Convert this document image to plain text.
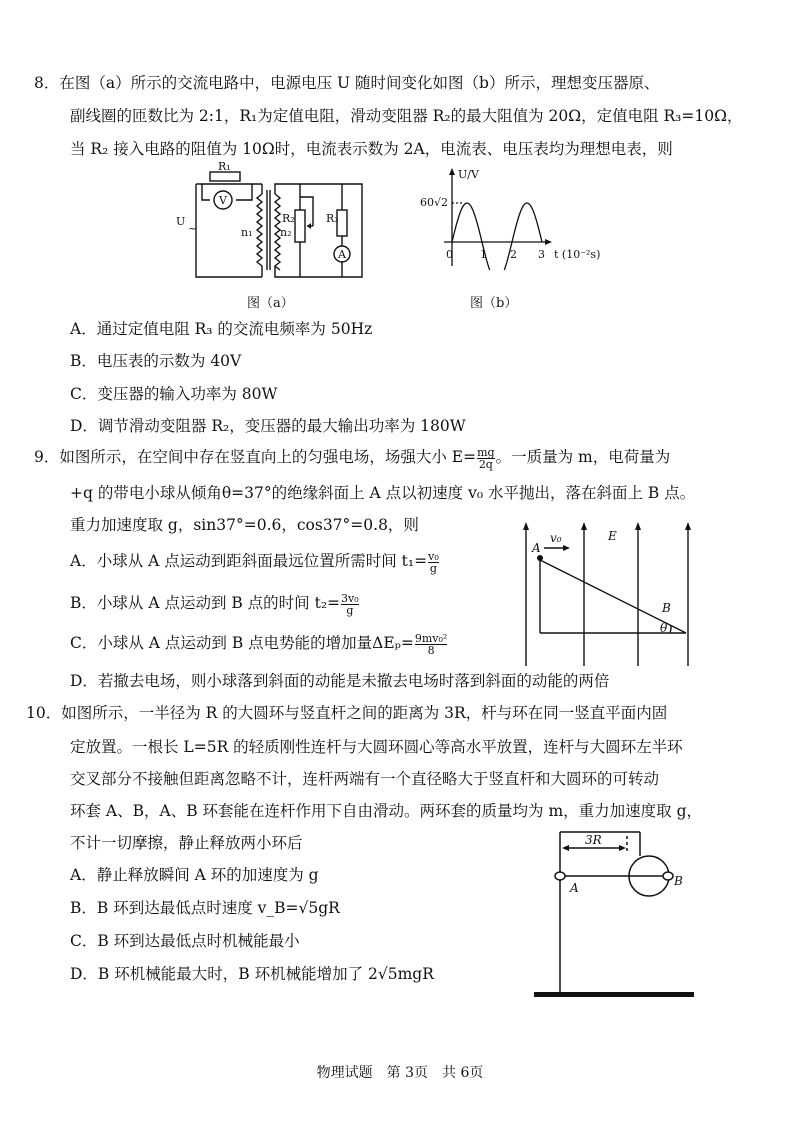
8．在图（a）所示的交流电路中，电源电压 U 随时间变化如图（b）所示，理想变压器原、
副线圈的匝数比为 2:1，R₁为定值电阻，滑动变阻器 R₂的最大阻值为 20Ω，定值电阻 R₃=10Ω，
当 R₂ 接入电路的阻值为 10Ω时，电流表示数为 2A，电流表、电压表均为理想电表，则
R₁
V
U
~	n₁	n₂
R₂	R₃
A
图（a）
U/V
60√2
0 1 2 3 t (10⁻²s)
图（b）
A．通过定值电阻 R₃ 的交流电频率为 50Hz
B．电压表的示数为 40V
C．变压器的输入功率为 80W
D．调节滑动变阻器 R₂，变压器的最大输出功率为 180W
9．如图所示，在空间中存在竖直向上的匀强电场，场强大小 $E= \frac{mg}{2q}$ 。一质量为 m，电荷量为
+q 的带电小球从倾角θ=37°的绝缘斜面上 A 点以初速度 v₀ 水平抛出，落在斜面上 B 点。
重力加速度取 g，sin37°=0.6，cos37°=0.8，则
A．小球从 A 点运动到距斜面最远位置所需时间 $t_1= \frac{\text{v₀}}{g}$
B．小球从 A 点运动到 B 点的时间 $t_2= \frac{\text{3v₀}}{g}$
C．小球从 A 点运动到 B 点电势能的增加量$\Delta E_p= \frac{\text{9mv₀²}}{8}$
D．若撤去电场，则小球落到斜面的动能是未撤去电场时落到斜面的动能的两倍
v₀	E
A
B
θ
10．如图所示，一半径为 R 的大圆环与竖直杆之间的距离为 3R，杆与环在同一竖直平面内固
定放置。一根长 L=5R 的轻质刚性连杆与大圆环圆心等高水平放置，连杆与大圆环左半环
交叉部分不接触但距离忽略不计，连杆两端有一个直径略大于竖直杆和大圆环的可转动
环套 A、B，A、B 环套能在连杆作用下自由滑动。两环套的质量均为 m，重力加速度取 g，
不计一切摩擦，静止释放两小环后
A．静止释放瞬间 A 环的加速度为 g
B．B 环到达最低点时速度 v_B=√5gR
C．B 环到达最低点时机械能最小
D．B 环机械能最大时，B 环机械能增加了 2√5mgR
3R
A	B
物理试题　第 3页　共 6页
